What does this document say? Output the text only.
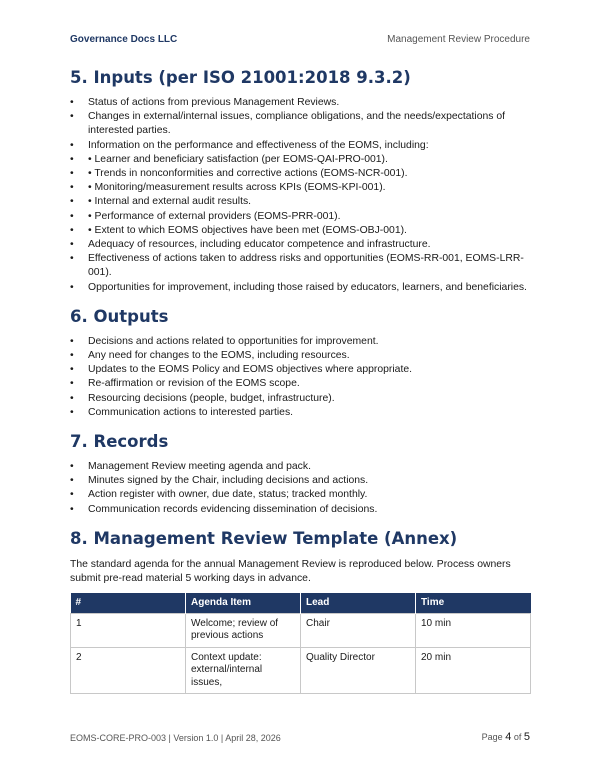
Governance Docs LLC	Management Review Procedure
5. Inputs (per ISO 21001:2018 9.3.2)
• Status of actions from previous Management Reviews.
• Changes in external/internal issues, compliance obligations, and the needs/expectations of interested parties.
• Information on the performance and effectiveness of the EOMS, including:
• • Learner and beneficiary satisfaction (per EOMS-QAI-PRO-001).
• • Trends in nonconformities and corrective actions (EOMS-NCR-001).
• • Monitoring/measurement results across KPIs (EOMS-KPI-001).
• • Internal and external audit results.
• • Performance of external providers (EOMS-PRR-001).
• • Extent to which EOMS objectives have been met (EOMS-OBJ-001).
• Adequacy of resources, including educator competence and infrastructure.
• Effectiveness of actions taken to address risks and opportunities (EOMS-RR-001, EOMS-LRR-001).
• Opportunities for improvement, including those raised by educators, learners, and beneficiaries.
6. Outputs
• Decisions and actions related to opportunities for improvement.
• Any need for changes to the EOMS, including resources.
• Updates to the EOMS Policy and EOMS objectives where appropriate.
• Re-affirmation or revision of the EOMS scope.
• Resourcing decisions (people, budget, infrastructure).
• Communication actions to interested parties.
7. Records
• Management Review meeting agenda and pack.
• Minutes signed by the Chair, including decisions and actions.
• Action register with owner, due date, status; tracked monthly.
• Communication records evidencing dissemination of decisions.
8. Management Review Template (Annex)

The standard agenda for the annual Management Review is reproduced below. Process owners submit pre-read material 5 working days in advance.

#	Agenda Item	Lead	Time
1	Welcome; review of previous actions	Chair	10 min
2	Context update: external/internal issues,	Quality Director	20 min
EOMS-CORE-PRO-003 | Version 1.0 | April 28, 2026	Page 4 of 5
